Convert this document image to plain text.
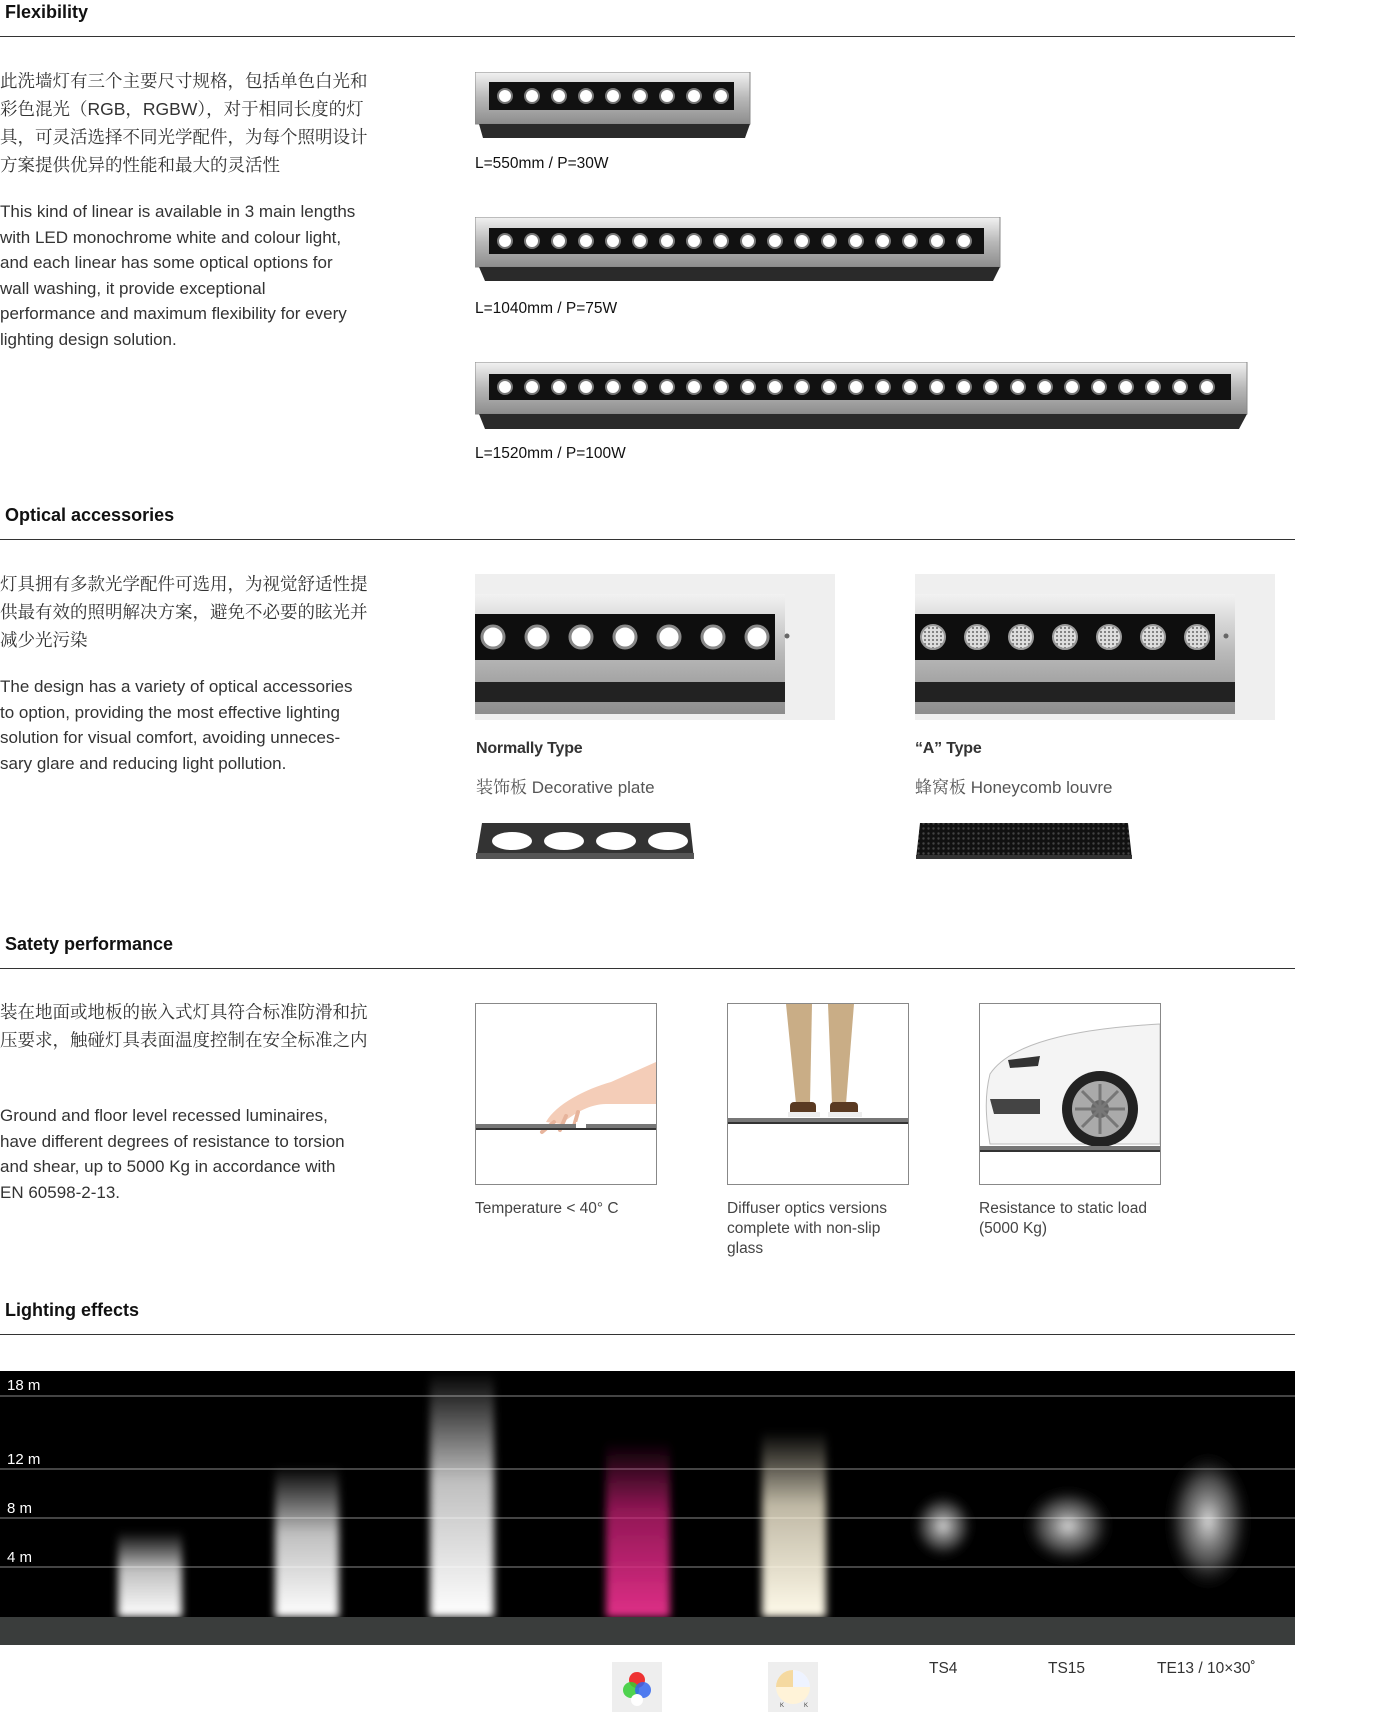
Flexibility
此洗墙灯有三个主要尺寸规格，包括单色白光和彩色混光（RGB，RGBW），对于相同长度的灯具，可灵活选择不同光学配件，为每个照明设计方案提供优异的性能和最大的灵活性
This kind of linear is available in 3 main lengths with LED monochrome white and colour light, and each linear has some optical options for wall washing, it provide exceptional performance and maximum flexibility for every lighting design solution.
L=550mm / P=30W
L=1040mm / P=75W
L=1520mm / P=100W
Optical accessories
灯具拥有多款光学配件可选用，为视觉舒适性提供最有效的照明解决方案，避免不必要的眩光并减少光污染
The design has a variety of optical accessories to option, providing the most effective lighting solution for visual comfort, avoiding unneces-sary glare and reducing light pollution.
Normally Type
装饰板 Decorative plate
“A” Type
蜂窝板 Honeycomb louvre
Satety performance
装在地面或地板的嵌入式灯具符合标准防滑和抗压要求，触碰灯具表面温度控制在安全标准之内
Ground and floor level recessed luminaires, have different degrees of resistance to torsion and shear, up to 5000 Kg in accordance with EN 60598-2-13.
Temperature < 40° C	Diffuser optics versions complete with non-slip glass
Resistance to static load (5000 Kg)
Lighting effects
18 m
12 m
8 m
4 m
K	K
TS4	TS15	TE13 / 10×30˚
